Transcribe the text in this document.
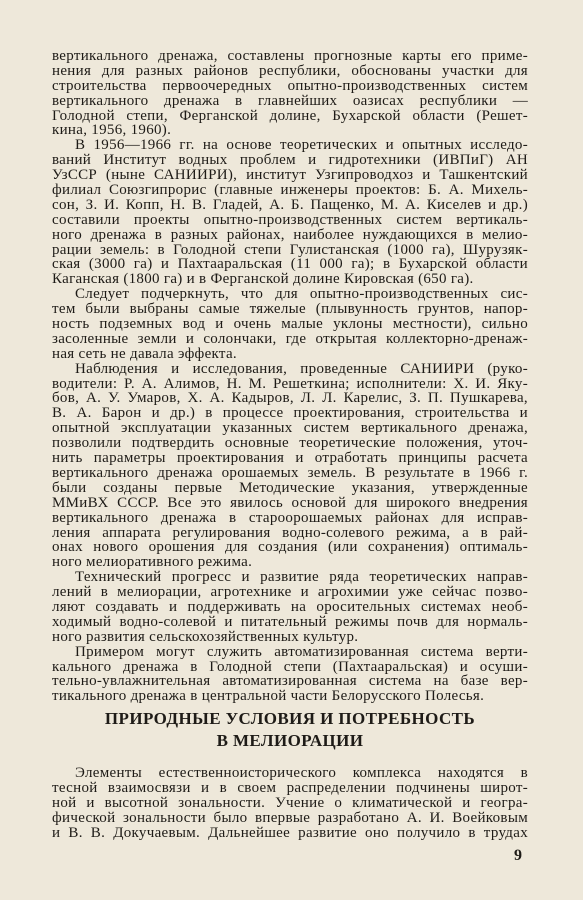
вертикального дренажа, составлены прогнозные карты его приме-
нения для разных районов республики, обоснованы участки для
строительства первоочередных опытно-производственных систем
вертикального дренажа в главнейших оазисах республики —
Голодной степи, Ферганской долине, Бухарской области (Решет-
кина, 1956, 1960).
В 1956—1966 гг. на основе теоретических и опытных исследо-
ваний Институт водных проблем и гидротехники (ИВПиГ) АН
УзССР (ныне САНИИРИ), институт Узгипроводхоз и Ташкентский
филиал Союзгипрорис (главные инженеры проектов: Б. А. Михель-
сон, З. И. Копп, Н. В. Гладей, А. Б. Пащенко, М. А. Киселев и др.)
составили проекты опытно-производственных систем вертикаль-
ного дренажа в разных районах, наиболее нуждающихся в мелио-
рации земель: в Голодной степи Гулистанская (1000 га), Шурузяк-
ская (3000 га) и Пахтааральская (11 000 га); в Бухарской области
Каганская (1800 га) и в Ферганской долине Кировская (650 га).
Следует подчеркнуть, что для опытно-производственных сис-
тем были выбраны самые тяжелые (плывунность грунтов, напор-
ность подземных вод и очень малые уклоны местности), сильно
засоленные земли и солончаки, где открытая коллекторно-дренаж-
ная сеть не давала эффекта.
Наблюдения и исследования, проведенные САНИИРИ (руко-
водители: Р. А. Алимов, Н. М. Решеткина; исполнители: Х. И. Яку-
бов, А. У. Умаров, Х. А. Кадыров, Л. Л. Карелис, З. П. Пушкарева,
В. А. Барон и др.) в процессе проектирования, строительства и
опытной эксплуатации указанных систем вертикального дренажа,
позволили подтвердить основные теоретические положения, уточ-
нить параметры проектирования и отработать принципы расчета
вертикального дренажа орошаемых земель. В результате в 1966 г.
были созданы первые Методические указания, утвержденные
ММиВХ СССР. Все это явилось основой для широкого внедрения
вертикального дренажа в староорошаемых районах для исправ-
ления аппарата регулирования водно-солевого режима, а в рай-
онах нового орошения для создания (или сохранения) оптималь-
ного мелиоративного режима.
Технический прогресс и развитие ряда теоретических направ-
лений в мелиорации, агротехнике и агрохимии уже сейчас позво-
ляют создавать и поддерживать на оросительных системах необ-
ходимый водно-солевой и питательный режимы почв для нормаль-
ного развития сельскохозяйственных культур.
Примером могут служить автоматизированная система верти-
кального дренажа в Голодной степи (Пахтааральская) и осуши-
тельно-увлажнительная автоматизированная система на базе вер-
тикального дренажа в центральной части Белорусского Полесья.
ПРИРОДНЫЕ УСЛОВИЯ И ПОТРЕБНОСТЬ
В МЕЛИОРАЦИИ
Элементы естественноисторического комплекса находятся в
тесной взаимосвязи и в своем распределении подчинены широт-
ной и высотной зональности. Учение о климатической и геогра-
фической зональности было впервые разработано А. И. Воейковым
и В. В. Докучаевым. Дальнейшее развитие оно получило в трудах
9
